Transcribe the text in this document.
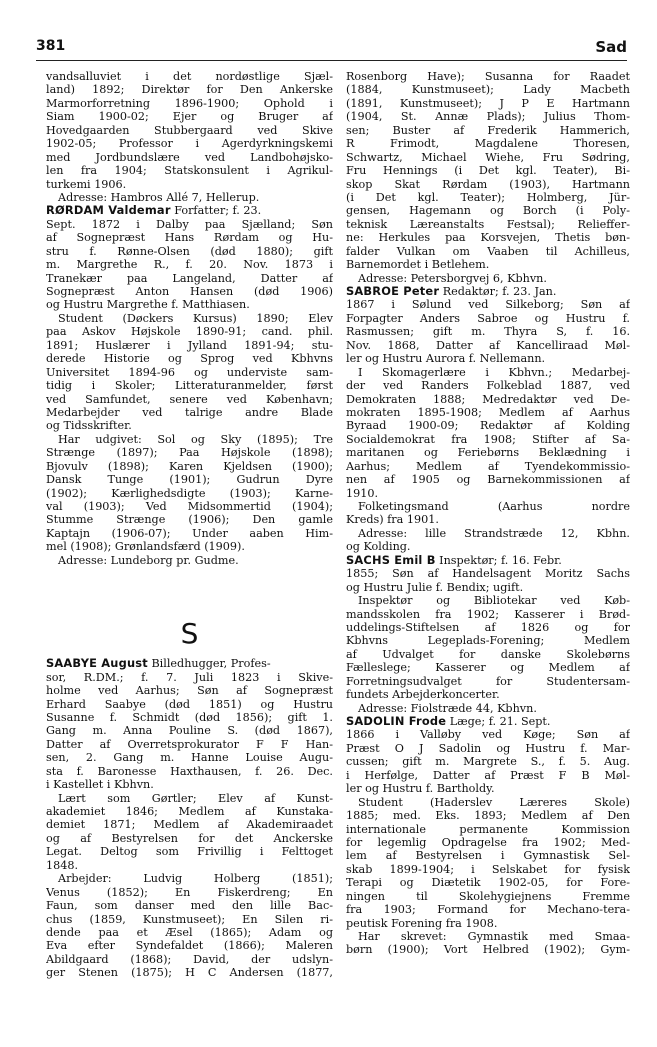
381	Sad
vandsalluviet i det nordøstlige Sjæl-
land) 1892; Direktør for Den Ankerske
Marmorforretning 1896-1900; Ophold i
Siam 1900-02; Ejer og Bruger af
Hovedgaarden Stubbergaard ved Skive
1902-05; Professor i Agerdyrkningskemi
med Jordbundslære ved Landbohøjsko-
len fra 1904; Statskonsulent i Agrikul-
turkemi 1906.
Adresse: Hambros Allé 7, Hellerup.
RØRDAM Valdemar Forfatter; f. 23.
Sept. 1872 i Dalby paa Sjælland; Søn
af Sognepræst Hans Rørdam og Hu-
stru f. Rønne-Olsen (død 1880); gift
m. Margrethe R., f. 20. Nov. 1873 i
Tranekær paa Langeland, Datter af
Sognepræst Anton Hansen (død 1906)
og Hustru Margrethe f. Matthiasen.
Student (Døckers Kursus) 1890; Elev
paa Askov Højskole 1890-91; cand. phil.
1891; Huslærer i Jylland 1891-94; stu-
derede Historie og Sprog ved Kbhvns
Universitet 1894-96 og underviste sam-
tidig i Skoler; Litteraturanmelder, først
ved Samfundet, senere ved København;
Medarbejder ved talrige andre Blade
og Tidsskrifter.
Har udgivet: Sol og Sky (1895); Tre
Strænge (1897); Paa Højskole (1898);
Bjovulv (1898); Karen Kjeldsen (1900);
Dansk Tunge (1901); Gudrun Dyre
(1902); Kærlighedsdigte (1903); Karne-
val (1903); Ved Midsommertid (1904);
Stumme Strænge (1906); Den gamle
Kaptajn (1906-07); Under aaben Him-
mel (1908); Grønlandsfærd (1909).
Adresse: Lundeborg pr. Gudme.
S
SAABYE August Billedhugger, Profes-
sor, R.DM.; f. 7. Juli 1823 i Skive-
holme ved Aarhus; Søn af Sognepræst
Erhard Saabye (død 1851) og Hustru
Susanne f. Schmidt (død 1856); gift 1.
Gang m. Anna Pouline S. (død 1867),
Datter af Overretsprokurator F F Han-
sen, 2. Gang m. Hanne Louise Augu-
sta f. Baronesse Haxthausen, f. 26. Dec.
i Kastellet i Kbhvn.
Lært som Gørtler; Elev af Kunst-
akademiet 1846; Medlem af Kunstaka-
demiet 1871; Medlem af Akademiraadet
og af Bestyrelsen for det Anckerske
Legat. Deltog som Frivillig i Felttoget
1848.
Arbejder: Ludvig Holberg (1851);
Venus (1852); En Fiskerdreng; En
Faun, som danser med den lille Bac-
chus (1859, Kunstmuseet); En Silen ri-
dende paa et Æsel (1865); Adam og
Eva efter Syndefaldet (1866); Maleren
Abildgaard (1868); David, der udslyn-
ger Stenen (1875); H C Andersen (1877,
Rosenborg Have); Susanna for Raadet
(1884, Kunstmuseet); Lady Macbeth
(1891, Kunstmuseet); J P E Hartmann
(1904, St. Annæ Plads); Julius Thom-
sen; Buster af Frederik Hammerich,
R Frimodt, Magdalene Thoresen,
Schwartz, Michael Wiehe, Fru Sødring,
Fru Hennings (i Det kgl. Teater), Bi-
skop Skat Rørdam (1903), Hartmann
(i Det kgl. Teater); Holmberg, Jür-
gensen, Hagemann og Borch (i Poly-
teknisk Læreanstalts Festsal); Relieffer-
ne: Herkules paa Korsvejen, Thetis bøn-
falder Vulkan om Vaaben til Achilleus,
Barnemordet i Betlehem.
Adresse: Petersborgvej 6, Kbhvn.
SABROE Peter Redaktør; f. 23. Jan.
1867 i Sølund ved Silkeborg; Søn af
Forpagter Anders Sabroe og Hustru f.
Rasmussen; gift m. Thyra S, f. 16.
Nov. 1868, Datter af Kancelliraad Møl-
ler og Hustru Aurora f. Nellemann.
I Skomagerlære i Kbhvn.; Medarbej-
der ved Randers Folkeblad 1887, ved
Demokraten 1888; Medredaktør ved De-
mokraten 1895-1908; Medlem af Aarhus
Byraad 1900-09; Redaktør af Kolding
Socialdemokrat fra 1908; Stifter af Sa-
maritanen og Feriebørns Beklædning i
Aarhus; Medlem af Tyendekommissio-
nen af 1905 og Barnekommissionen af
1910.
Folketingsmand (Aarhus nordre
Kreds) fra 1901.
Adresse: lille Strandstræde 12, Kbhn.
og Kolding.
SACHS Emil B Inspektør; f. 16. Febr.
1855; Søn af Handelsagent Moritz Sachs
og Hustru Julie f. Bendix; ugift.
Inspektør og Bibliotekar ved Køb-
mandsskolen fra 1902; Kasserer i Brød-
uddelings-Stiftelsen af 1826 og for
Kbhvns Legeplads-Forening; Medlem
af Udvalget for danske Skolebørns
Fælleslege; Kasserer og Medlem af
Forretningsudvalget for Studentersam-
fundets Arbejderkoncerter.
Adresse: Fiolstræde 44, Kbhvn.
SADOLIN Frode Læge; f. 21. Sept.
1866 i Valløby ved Køge; Søn af
Præst O J Sadolin og Hustru f. Mar-
cussen; gift m. Margrete S., f. 5. Aug.
i Herfølge, Datter af Præst F B Møl-
ler og Hustru f. Bartholdy.
Student (Haderslev Læreres Skole)
1885; med. Eks. 1893; Medlem af Den
internationale permanente Kommission
for legemlig Opdragelse fra 1902; Med-
lem af Bestyrelsen i Gymnastisk Sel-
skab 1899-1904; i Selskabet for fysisk
Terapi og Diætetik 1902-05, for Fore-
ningen til Skolehygiejnens Fremme
fra 1903; Formand for Mechano-tera-
peutisk Forening fra 1908.
Har skrevet: Gymnastik med Smaa-
børn (1900); Vort Helbred (1902); Gym-
